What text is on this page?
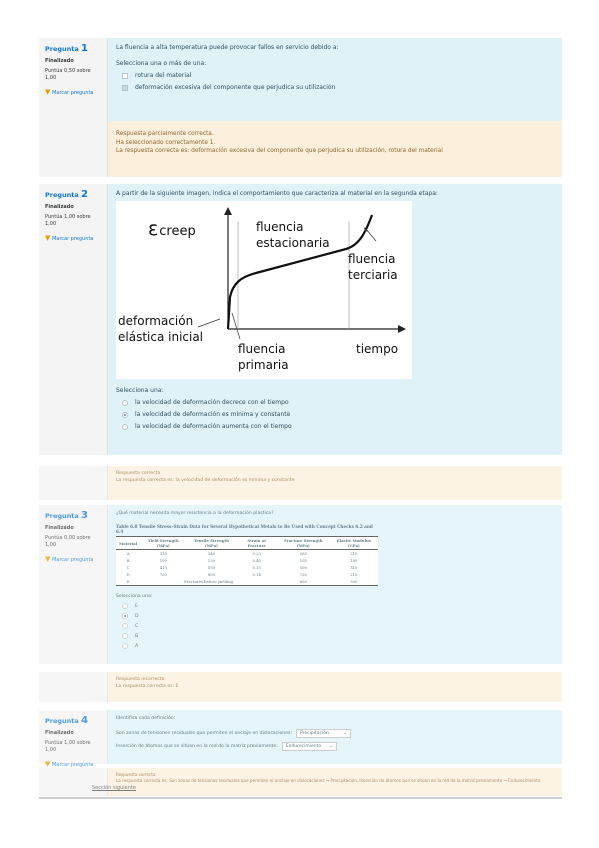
Pregunta 1
Finalizado
Puntúa 0,50 sobre 1,00
▼ Marcar pregunta
La fluencia a alta temperatura puede provocar fallos en servicio debido a:
Selecciona una o más de una:
rotura del material
deformación excesiva del componente que perjudica su utilización
Respuesta parcialmente correcta.
Ha seleccionado correctamente 1.
La respuesta correcta es: deformación excesiva del componente que perjudica su utilización, rotura del material
Pregunta 2
Finalizado
Puntúa 1,00 sobre 1,00
▼ Marcar pregunta
A partir de la siguiente imagen, indica el comportamiento que caracteriza al material en la segunda etapa:
εcreep	fluencia
estacionaria
fluencia
terciaria
deformación
elástica inicial
fluencia
primaria
tiempo
Selecciona una:
la velocidad de deformación decrece con el tiempo
la velocidad de deformación es mínima y constante
la velocidad de deformación aumenta con el tiempo
Respuesta correcta
La respuesta correcta es: la velocidad de deformación es mínima y constante
Pregunta 3
Finalizado
Puntúa 0,00 sobre 1,00
▼ Marcar pregunta
¿Qué material necesita mayor resistencia a la deformación plástica?
Table 6.8 Tensile Stress–Strain Data for Several Hypothetical Metals to Be Used with Concept Checks 6.2 and 6.4
Material	Yield Strength (MPa)	Tensile Strength (MPa)	Strain at Fracture	Fracture Strength (MPa)	Elastic Modulus (GPa)
A	310	340	0.23	265	210
B	100	120	0.40	105	150
C	415	550	0.15	500	310
D	700	850	0.14	720	210
E	Fractures before yielding			650	350
Selecciona una:
E
D
C
B
A
Respuesta incorrecta.
La respuesta correcta es: E
Pregunta 4
Finalizado
Puntúa 1,00 sobre 1,00
▼ Marcar pregunta
Identifica cada definición:
Son zonas de tensiones residuales que permiten el anclaje en dislocaciones: Precipitación	⌄
Inserción de átomos que se sitúan en la red de la matriz previamente: Endurecimiento ⌄
Respuesta correcta
La respuesta correcta es: Son zonas de tensiones residuales que permiten el anclaje en dislocaciones → Precipitación, Inserción de átomos que se sitúan en la red de la matriz previamente → Endurecimiento
Sección siguiente
